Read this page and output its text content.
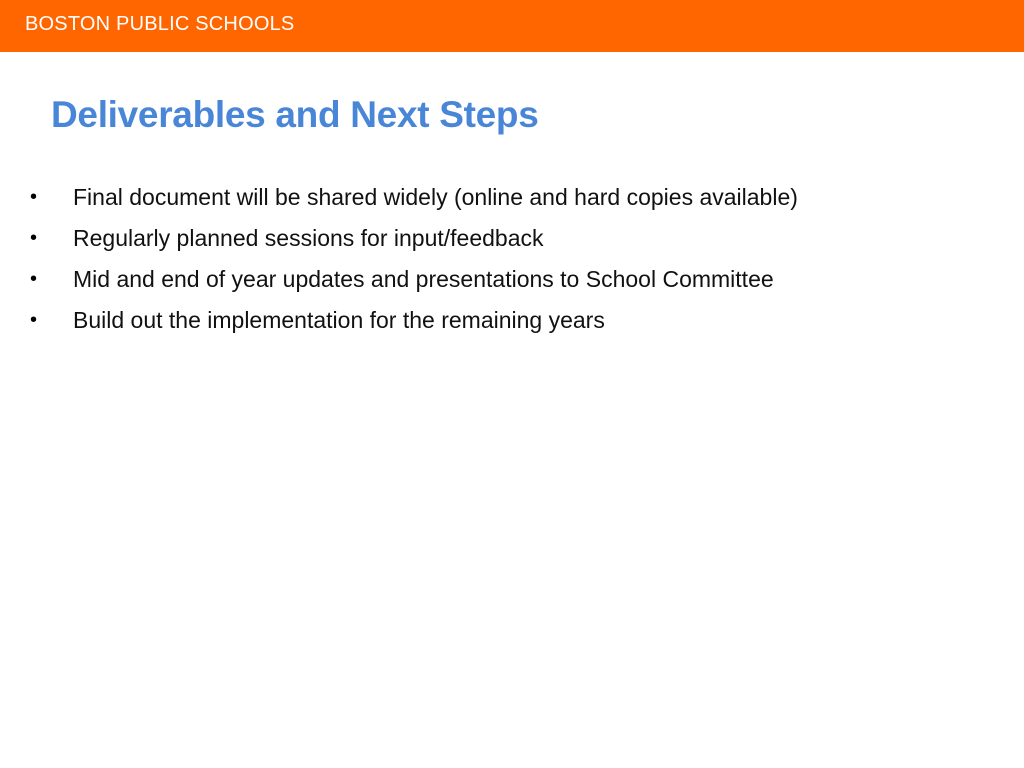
BOSTON PUBLIC SCHOOLS
Deliverables and Next Steps
•	Final document will be shared widely (online and hard copies available)
•	Regularly planned sessions for input/feedback
•	Mid and end of year updates and presentations to School Committee
•	Build out the implementation for the remaining years
